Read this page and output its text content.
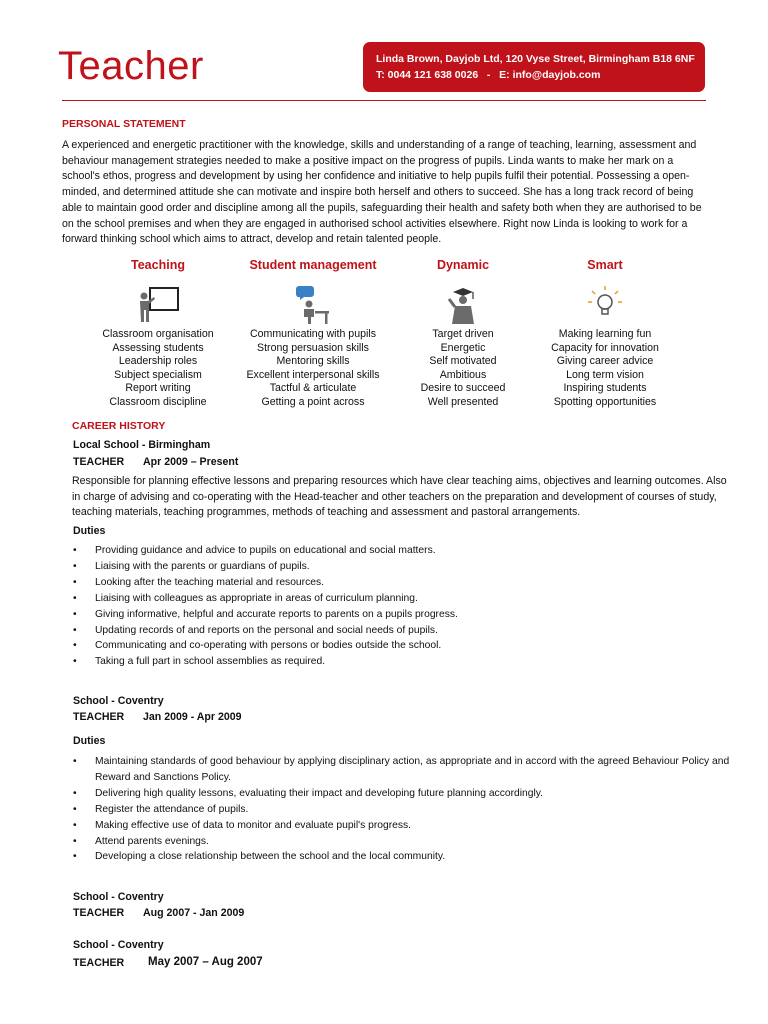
Teacher	Linda Brown, Dayjob Ltd, 120 Vyse Street, Birmingham B18 6NF
T: 0044 121 638 0026   -   E: info@dayjob.com
PERSONAL STATEMENT

A experienced and energetic practitioner with the knowledge, skills and understanding of a range of teaching, learning, assessment and behaviour management strategies needed to make a positive impact on the progress of pupils. Linda wants to make her mark on a school's ethos, progress and development by using her confidence and initiative to help pupils fulfil their potential. Possessing a open-minded, and determined attitude she can motivate and inspire both herself and others to succeed. She has a long track record of being able to maintain good order and discipline among all the pupils, safeguarding their health and safety both when they are authorised to be on the school premises and when they are engaged in authorised school activities elsewhere. Right now Linda is looking to work for a forward thinking school which aims to attract, develop and retain talented people.

Teaching
Classroom organisation
Assessing students
Leadership roles
Subject specialism
Report writing
Classroom discipline
Student management
Communicating with pupils
Strong persuasion skills
Mentoring skills
Excellent interpersonal skills
Tactful & articulate
Getting a point across
Dynamic
Target driven
Energetic
Self motivated
Ambitious
Desire to succeed
Well presented
Smart
Making learning fun
Capacity for innovation
Giving career advice
Long term vision
Inspiring students
Spotting opportunities
CAREER HISTORY
Local School - Birmingham
TEACHER Apr 2009 – Present

Responsible for planning effective lessons and preparing resources which have clear teaching aims, objectives and learning outcomes. Also in charge of advising and co-operating with the Head-teacher and other teachers on the preparation and development of courses of study, teaching materials, teaching programmes, methods of teaching and assessment and pastoral arrangements.

Duties
• Providing guidance and advice to pupils on educational and social matters.
• Liaising with the parents or guardians of pupils.
• Looking after the teaching material and resources.
• Liaising with colleagues as appropriate in areas of curriculum planning.
• Giving informative, helpful and accurate reports to parents on a pupils progress.
• Updating records of and reports on the personal and social needs of pupils.
• Communicating and co-operating with persons or bodies outside the school.
• Taking a full part in school assemblies as required.
School - Coventry
TEACHER Jan 2009 - Apr 2009
Duties
• Maintaining standards of good behaviour by applying disciplinary action, as appropriate and in accord with the agreed Behaviour Policy and Reward and Sanctions Policy.
• Delivering high quality lessons, evaluating their impact and developing future planning accordingly.
• Register the attendance of pupils.
• Making effective use of data to monitor and evaluate pupil's progress.
• Attend parents evenings.
• Developing a close relationship between the school and the local community.
School - Coventry
TEACHER Aug 2007 - Jan 2009
School - Coventry
TEACHER May 2007 – Aug 2007
